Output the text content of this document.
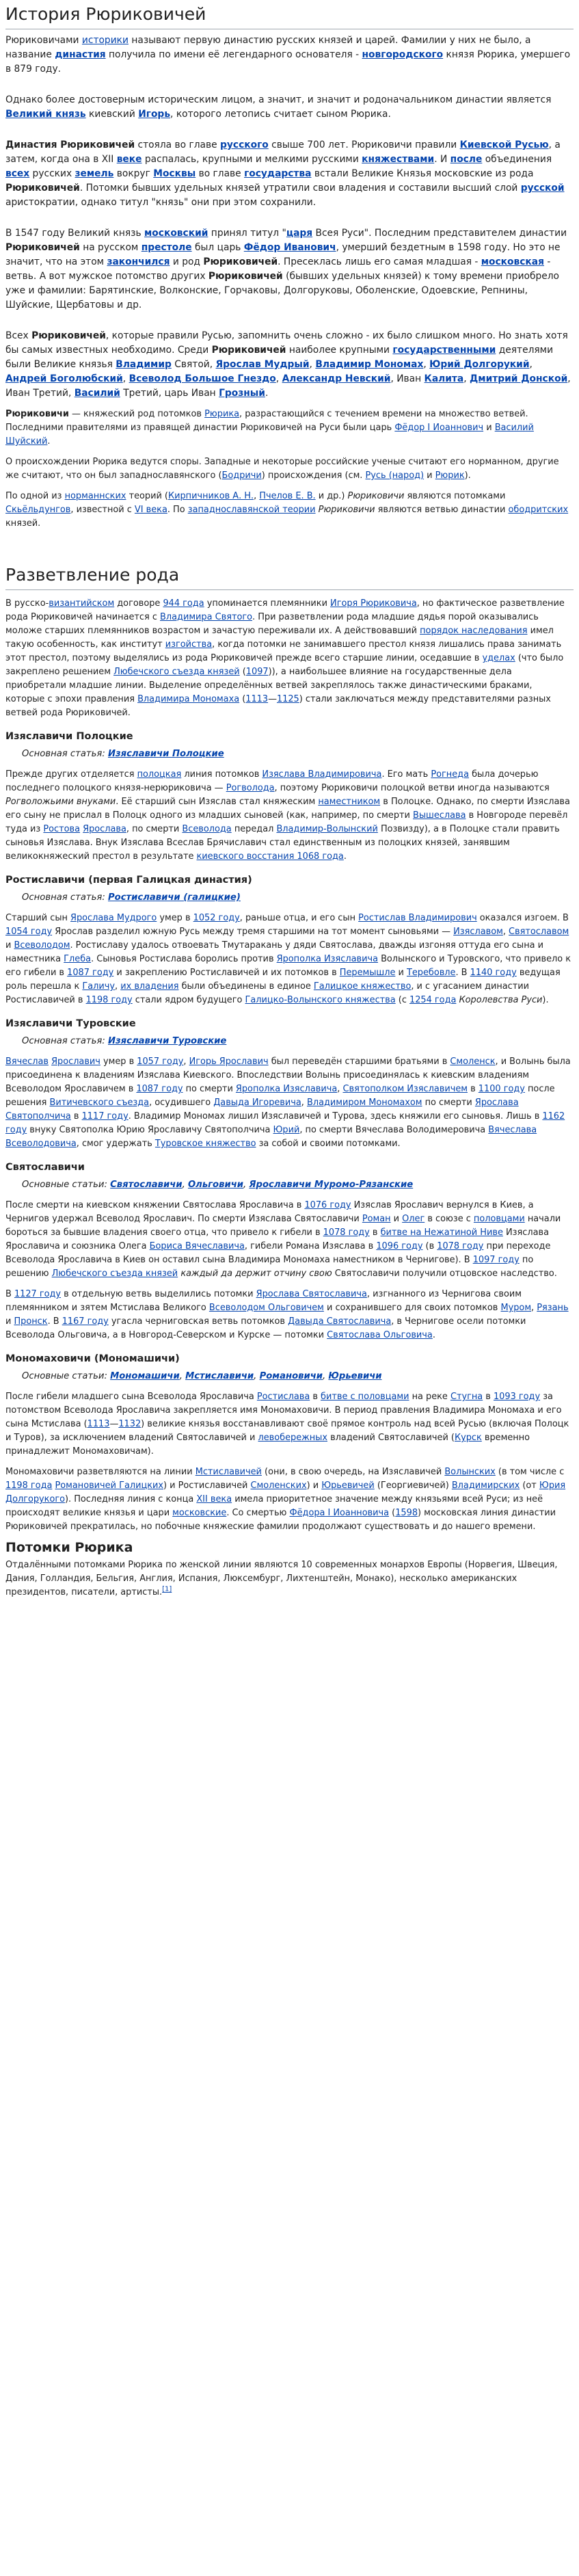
История Рюриковичей

Рюриковичами историки называют первую династию русских князей и царей. Фамилии у них не было, а название династия получила по имени её легендарного основателя - новгородского князя Рюрика, умершего в 879 году.

Однако более достоверным историческим лицом, а значит, и значит и родоначальником династии является Великий князь киевский Игорь, которого летопись считает сыном Рюрика.

Династия Рюриковичей стояла во главе русского свыше 700 лет. Рюриковичи правили Киевской Русью, а затем, когда она в XII веке распалась, крупными и мелкими русскими княжествами. И после объединения всех русских земель вокруг Москвы во главе государства встали Великие Князья московские из рода Рюриковичей. Потомки бывших удельных князей утратили свои владения и составили высший слой русской аристократии, однако титул "князь" они при этом сохранили.

В 1547 году Великий князь московский принял титул "царя Всея Руси". Последним представителем династии Рюриковичей на русском престоле был царь Фёдор Иванович, умерший бездетным в 1598 году. Но это не значит, что на этом закончился и род Рюриковичей. Пресеклась лишь его самая младшая - московская - ветвь. А вот мужское потомство других Рюриковичей (бывших удельных князей) к тому времени приобрело уже и фамилии: Барятинские, Волконские, Горчаковы, Долгоруковы, Оболенские, Одоевские, Репнины, Шуйские, Щербатовы и др.

Всех Рюриковичей, которые правили Русью, запомнить очень сложно - их было слишком много. Но знать хотя бы самых известных необходимо. Среди Рюриковичей наиболее крупными государственными деятелями были Великие князья Владимир Святой, Ярослав Мудрый, Владимир Мономах, Юрий Долгорукий, Андрей Боголюбский, Всеволод Большое Гнездо, Александр Невский, Иван Калита, Дмитрий Донской, Иван Третий, Василий Третий, царь Иван Грозный.

Рюриковичи — княжеский род потомков Рюрика, разрастающийся с течением времени на множество ветвей. Последними правителями из правящей династии Рюриковичей на Руси были царь Фёдор I Иоаннович и Василий Шуйский.

О происхождении Рюрика ведутся споры. Западные и некоторые российские ученые считают его норманном, другие же считают, что он был западнославянского (Бодричи) происхождения (см. Русь (народ) и Рюрик).

По одной из норманнских теорий (Кирпичников А. Н., Пчелов Е. В. и др.) Рюриковичи являются потомками Скьёльдунгов, известной с VI века. По западнославянской теории Рюриковичи являются ветвью династии ободритских князей.

Разветвление рода

В русско-византийском договоре 944 года упоминается племянники Игоря Рюриковича, но фактическое разветвление рода Рюриковичей начинается с Владимира Святого. При разветвлении рода младшие дядья порой оказывались моложе старших племянников возрастом и зачастую переживали их. А действовавший порядок наследования имел такую особенность, как институт изгойства, когда потомки не занимавшего престол князя лишались права занимать этот престол, поэтому выделялись из рода Рюриковичей прежде всего старшие линии, оседавшие в уделах (что было закреплено решением Любечского съезда князей (1097)), а наибольшее влияние на государственные дела приобретали младшие линии. Выделение определённых ветвей закреплялось также династическими браками, которые с эпохи правления Владимира Мономаха (1113—1125) стали заключаться между представителями разных ветвей рода Рюриковичей.

Изяславичи Полоцкие
Основная статья: Изяславичи Полоцкие

Прежде других отделяется полоцкая линия потомков Изяслава Владимировича. Его мать Рогнеда была дочерью последнего полоцкого князя-нерюриковича — Рогволода, поэтому Рюриковичи полоцкой ветви иногда называются Рогволожьими внуками. Её старший сын Изяслав стал княжеским наместником в Полоцке. Однако, по смерти Изяслава его сыну не прислал в Полоцк одного из младших сыновей (как, например, по смерти Вышеслава в Новгороде перевёл туда из Ростова Ярослава, по смерти Всеволода передал Владимир-Волынский Позвизду), а в Полоцке стали править сыновья Изяслава. Внук Изяслава Всеслав Брячиславич стал единственным из полоцких князей, занявшим великокняжеский престол в результате киевского восстания 1068 года.

Ростиславичи (первая Галицкая династия)
Основная статья: Ростиславичи (галицкие)

Старший сын Ярослава Мудрого умер в 1052 году, раньше отца, и его сын Ростислав Владимирович оказался изгоем. В 1054 году Ярослав разделил южную Русь между тремя старшими на тот момент сыновьями — Изяславом, Святославом и Всеволодом. Ростиславу удалось отвоевать Тмутаракань у дяди Святослава, дважды изгоняя оттуда его сына и наместника Глеба. Сыновья Ростислава боролись против Ярополка Изяславича Волынского и Туровского, что привело к его гибели в 1087 году и закреплению Ростиславичей и их потомков в Перемышле и Теребовле. В 1140 году ведущая роль перешла к Галичу, их владения были объединены в единое Галицкое княжество, и с угасанием династии Ростиславичей в 1198 году стали ядром будущего Галицко-Волынского княжества (с 1254 года Королевства Руси).

Изяславичи Туровские
Основная статья: Изяславичи Туровские

Вячеслав Ярославич умер в 1057 году, Игорь Ярославич был переведён старшими братьями в Смоленск, и Волынь была присоединена к владениям Изяслава Киевского. Впоследствии Волынь присоединялась к киевским владениям Всеволодом Ярославичем в 1087 году по смерти Ярополка Изяславича, Святополком Изяславичем в 1100 году после решения Витичевского съезда, осудившего Давыда Игоревича, Владимиром Мономахом по смерти Ярослава Святополчича в 1117 году. Владимир Мономах лишил Изяславичей и Турова, здесь княжили его сыновья. Лишь в 1162 году внуку Святополка Юрию Ярославичу Святополчича Юрий, по смерти Вячеслава Володимеровича Вячеслава Всеволодовича, смог удержать Туровское княжество за собой и своими потомками.

Святославичи
Основные статьи: Святославичи, Ольговичи, Ярославичи Муромо-Рязанские

После смерти на киевском княжении Святослава Ярославича в 1076 году Изяслав Ярославич вернулся в Киев, а Чернигов удержал Всеволод Ярославич. По смерти Изяслава Святославичи Роман и Олег в союзе с половцами начали бороться за бывшие владения своего отца, что привело к гибели в 1078 году в битве на Нежатиной Ниве Изяслава Ярославича и союзника Олега Бориса Вячеславича, гибели Романа Изяслава в 1096 году (в 1078 году при переходе Всеволода Ярославича в Киев он оставил сына Владимира Мономаха наместником в Чернигове). В 1097 году по решению Любечского съезда князей каждый да держит отчину свою Святославичи получили отцовское наследство.

В 1127 году в отдельную ветвь выделились потомки Ярослава Святославича, изгнанного из Чернигова своим племянником и зятем Мстислава Великого Всеволодом Ольговичем и сохранившего для своих потомков Муром, Рязань и Пронск. В 1167 году угасла черниговская ветвь потомков Давыда Святославича, в Чернигове осели потомки Всеволода Ольговича, а в Новгород-Северском и Курске — потомки Святослава Ольговича.

Мономаховичи (Мономашичи)
Основные статьи: Мономашичи, Мстиславичи, Романовичи, Юрьевичи

После гибели младшего сына Всеволода Ярославича Ростислава в битве с половцами на реке Стугна в 1093 году за потомством Всеволода Ярославича закрепляется имя Мономаховичи. В период правления Владимира Мономаха и его сына Мстислава (1113—1132) великие князья восстанавливают своё прямое контроль над всей Русью (включая Полоцк и Туров), за исключением владений Святославичей и левобережных владений Святославичей (Курск временно принадлежит Мономаховичам).

Мономаховичи разветвляются на линии Мстиславичей (они, в свою очередь, на Изяславичей Волынских (в том числе с 1198 года Романовичей Галицких) и Ростиславичей Смоленских) и Юрьевичей (Георгиевичей) Владимирских (от Юрия Долгорукого). Последняя линия с конца XII века имела приоритетное значение между князьями всей Руси; из неё происходят великие князья и цари московские. Со смертью Фёдора I Иоанновича (1598) московская линия династии Рюриковичей прекратилась, но побочные княжеские фамилии продолжают существовать и до нашего времени.

Потомки Рюрика

Отдалёнными потомками Рюрика по женской линии являются 10 современных монархов Европы (Норвегия, Швеция, Дания, Голландия, Бельгия, Англия, Испания, Люксембург, Лихтенштейн, Монако), несколько американских президентов, писатели, артисты.[1]
